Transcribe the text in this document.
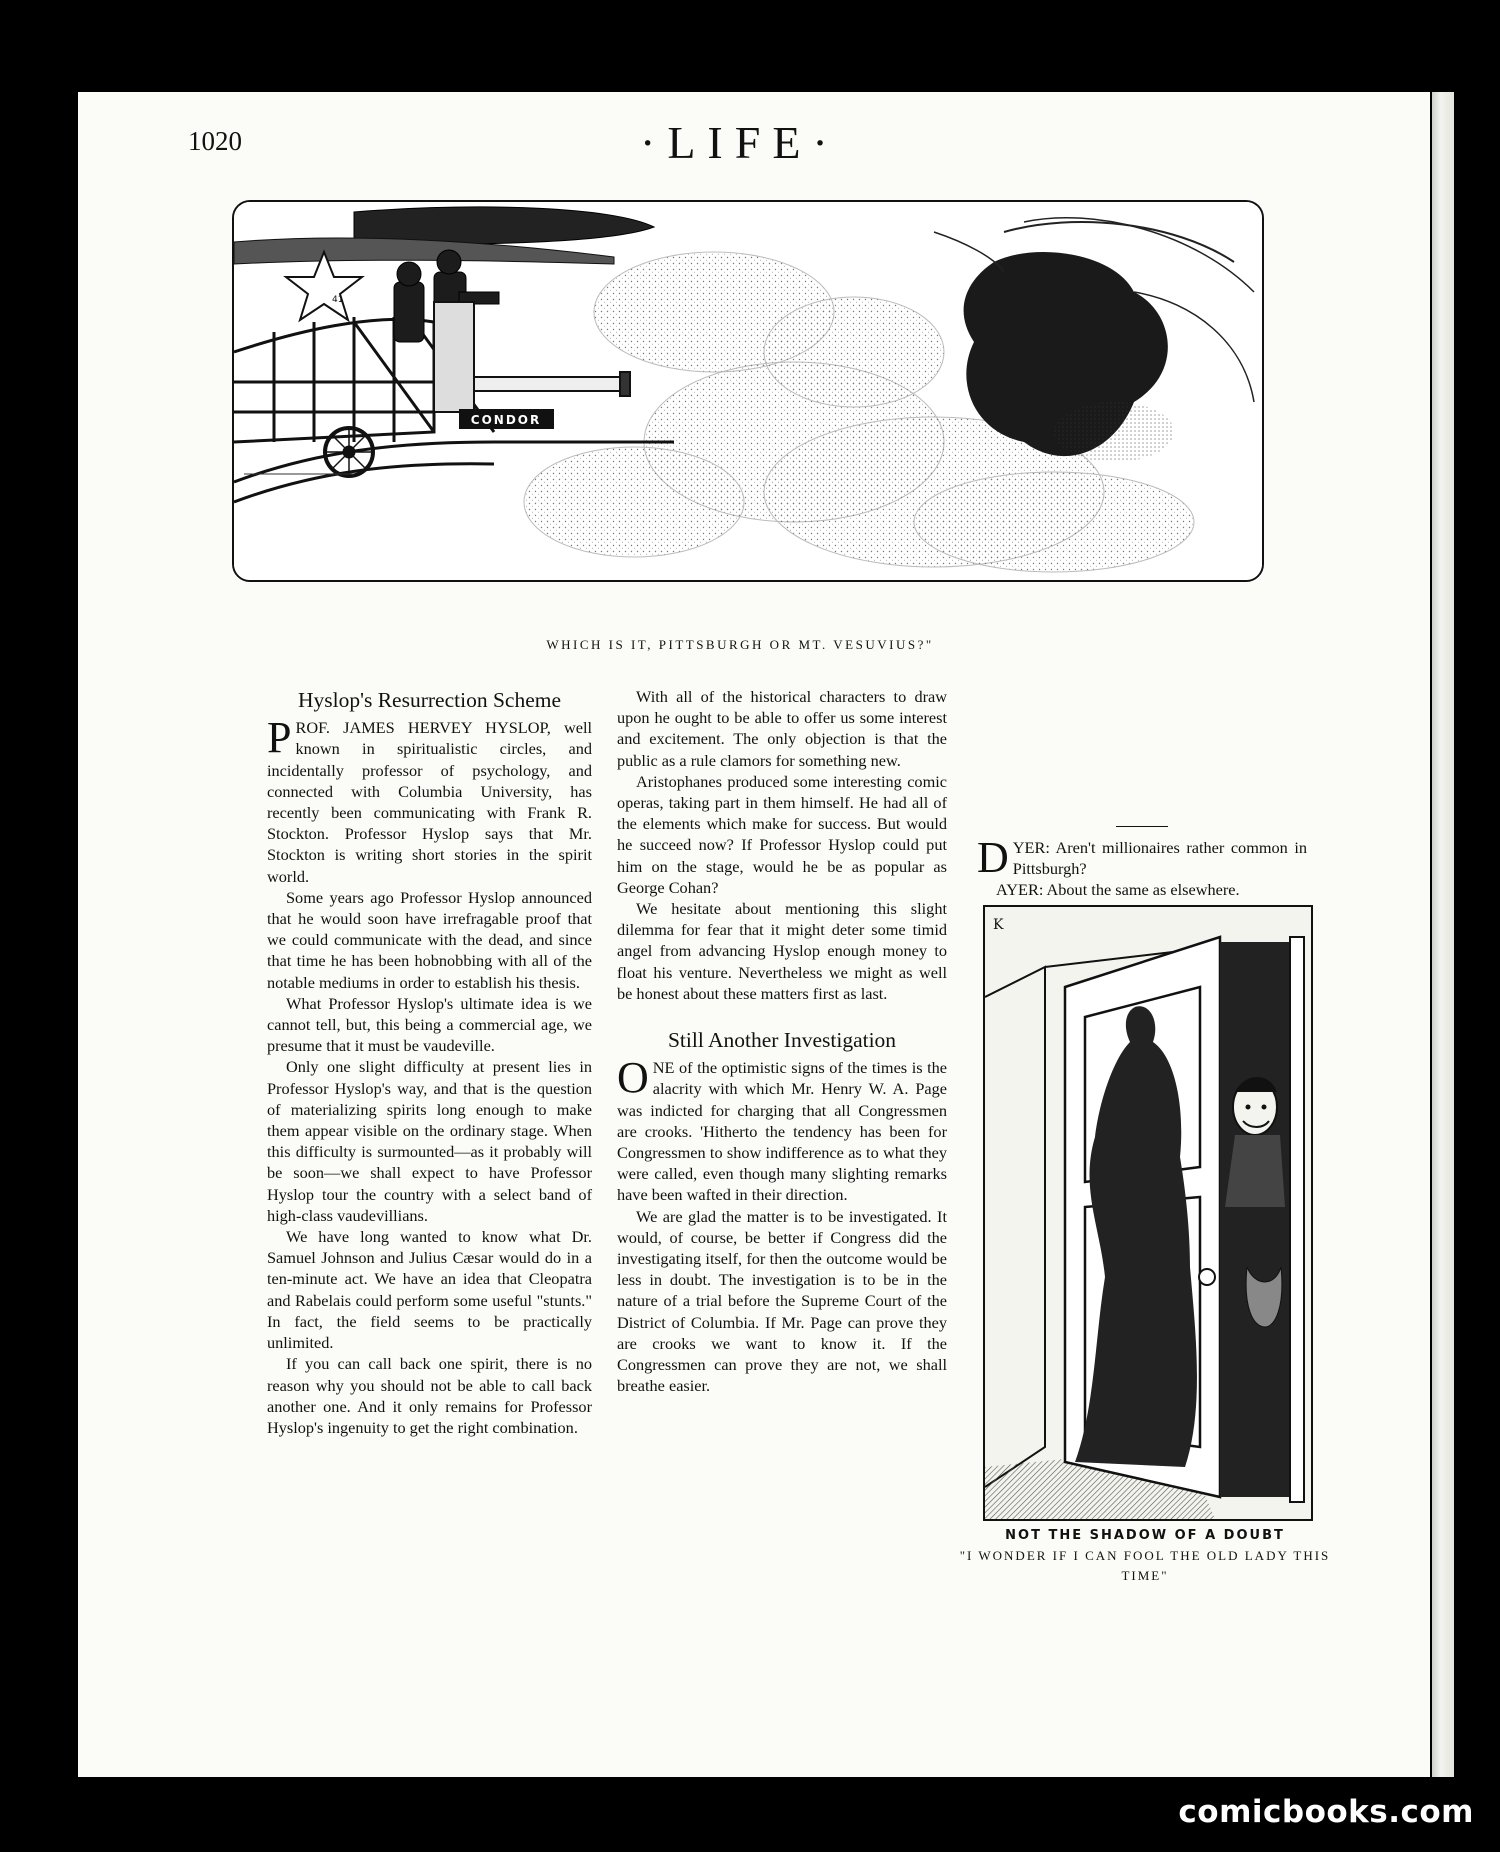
1020	·LIFE·
41
CONDOR
WHICH IS IT, PITTSBURGH OR MT. VESUVIUS?"
Hyslop's Resurrection Scheme

PROF. JAMES HERVEY HYSLOP, well known in spiritualistic circles, and incidentally professor of psychology, and connected with Columbia University, has recently been communicating with Frank R. Stockton. Professor Hyslop says that Mr. Stockton is writing short stories in the spirit world.

Some years ago Professor Hyslop announced that he would soon have irrefragable proof that we could communicate with the dead, and since that time he has been hobnobbing with all of the notable mediums in order to establish his thesis.

What Professor Hyslop's ultimate idea is we cannot tell, but, this being a commercial age, we presume that it must be vaudeville.

Only one slight difficulty at present lies in Professor Hyslop's way, and that is the question of materializing spirits long enough to make them appear visible on the ordinary stage. When this difficulty is surmounted—as it probably will be soon—we shall expect to have Professor Hyslop tour the country with a select band of high-class vaudevillians.

We have long wanted to know what Dr. Samuel Johnson and Julius Cæsar would do in a ten-minute act. We have an idea that Cleopatra and Rabelais could perform some useful "stunts." In fact, the field seems to be practically unlimited.

If you can call back one spirit, there is no reason why you should not be able to call back another one. And it only remains for Professor Hyslop's ingenuity to get the right combination.

With all of the historical characters to draw upon he ought to be able to offer us some interest and excitement. The only objection is that the public as a rule clamors for something new.

Aristophanes produced some interesting comic operas, taking part in them himself. He had all of the elements which make for success. But would he succeed now? If Professor Hyslop could put him on the stage, would he be as popular as George Cohan?

We hesitate about mentioning this slight dilemma for fear that it might deter some timid angel from advancing Hyslop enough money to float his venture. Nevertheless we might as well be honest about these matters first as last.

Still Another Investigation

ONE of the optimistic signs of the times is the alacrity with which Mr. Henry W. A. Page was indicted for charging that all Congressmen are crooks. 'Hitherto the tendency has been for Congressmen to show indifference as to what they were called, even though many slighting remarks have been wafted in their direction.

We are glad the matter is to be investigated. It would, of course, be better if Congress did the investigating itself, for then the outcome would be less in doubt. The investigation is to be in the nature of a trial before the Supreme Court of the District of Columbia. If Mr. Page can prove they are crooks we want to know it. If the Congressmen can prove they are not, we shall breathe easier.

DYER: Aren't millionaires rather common in Pittsburgh?

AYER: About the same as elsewhere.

K
NOT THE SHADOW OF A DOUBT
"I WONDER IF I CAN FOOL THE OLD LADY THIS TIME"
comicbooks.com
